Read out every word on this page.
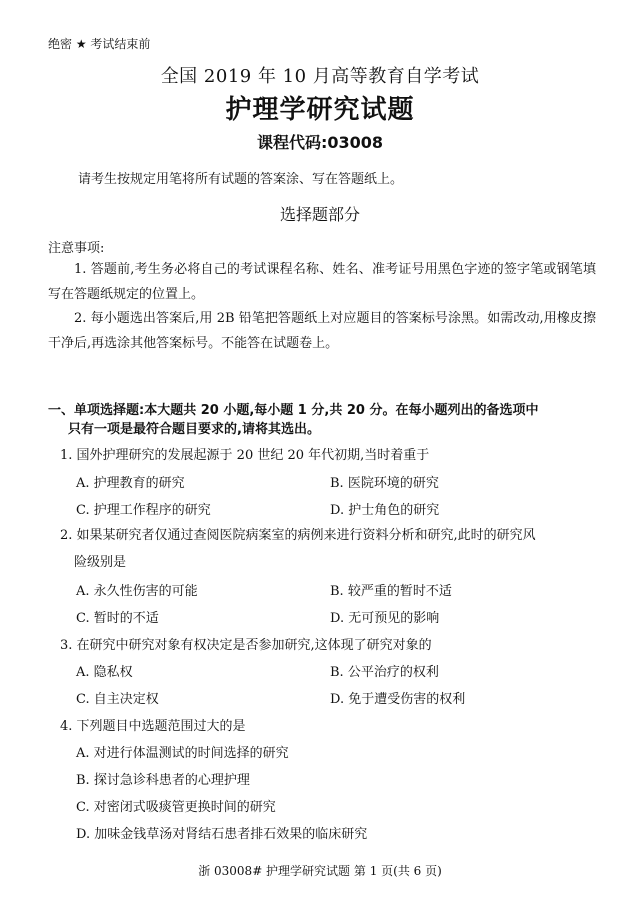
绝密 ★ 考试结束前
全国 2019 年 10 月高等教育自学考试
护理学研究试题
课程代码:03008
请考生按规定用笔将所有试题的答案涂、写在答题纸上。
选择题部分
注意事项:
1. 答题前,考生务必将自己的考试课程名称、姓名、准考证号用黑色字迹的签字笔或钢笔填写在答题纸规定的位置上。
2. 每小题选出答案后,用 2B 铅笔把答题纸上对应题目的答案标号涂黑。如需改动,用橡皮擦干净后,再选涂其他答案标号。不能答在试题卷上。
一、单项选择题:本大题共 20 小题,每小题 1 分,共 20 分。在每小题列出的备选项中
只有一项是最符合题目要求的,请将其选出。
1. 国外护理研究的发展起源于 20 世纪 20 年代初期,当时着重于
A. 护理教育的研究	B. 医院环境的研究
C. 护理工作程序的研究	D. 护士角色的研究
2. 如果某研究者仅通过查阅医院病案室的病例来进行资料分析和研究,此时的研究风
险级别是
A. 永久性伤害的可能	B. 较严重的暂时不适
C. 暂时的不适	D. 无可预见的影响
3. 在研究中研究对象有权决定是否参加研究,这体现了研究对象的
A. 隐私权	B. 公平治疗的权利
C. 自主决定权	D. 免于遭受伤害的权利
4. 下列题目中选题范围过大的是
A. 对进行体温测试的时间选择的研究
B. 探讨急诊科患者的心理护理
C. 对密闭式吸痰管更换时间的研究
D. 加味金钱草汤对肾结石患者排石效果的临床研究
浙 03008# 护理学研究试题 第 1 页(共 6 页)
